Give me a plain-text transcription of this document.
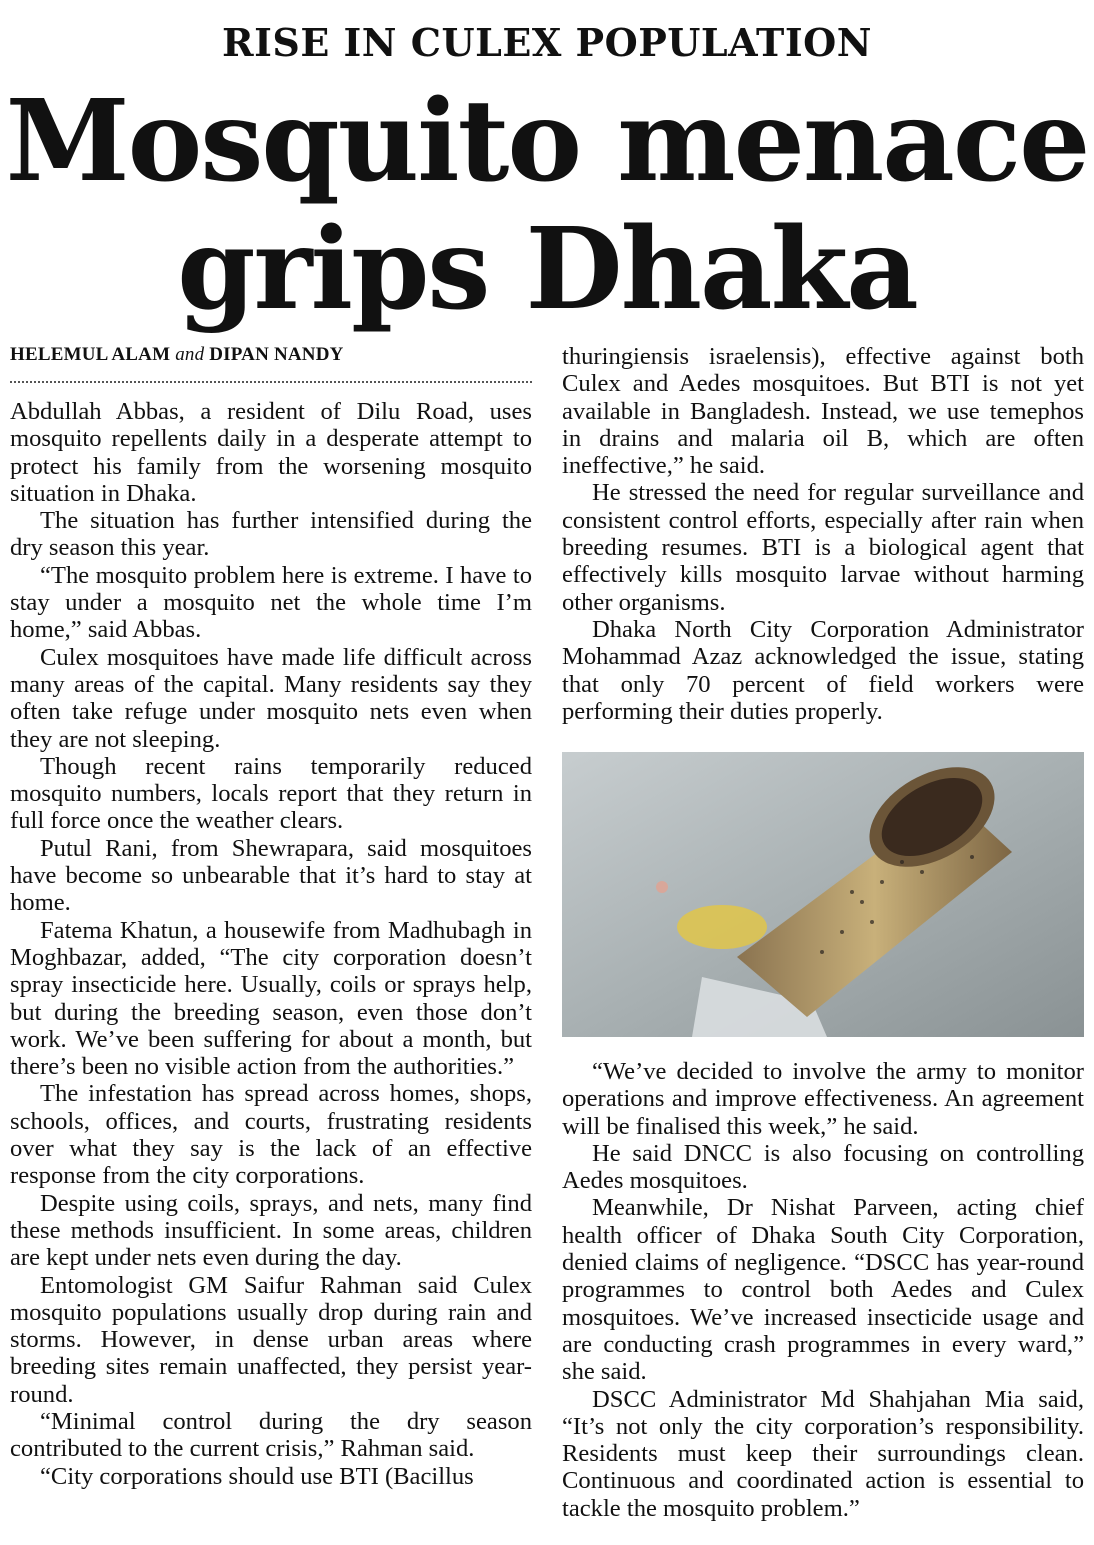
RISE IN CULEX POPULATION
Mosquito menace
grips Dhaka
HELEMUL ALAM and DIPAN NANDY

Abdullah Abbas, a resident of Dilu Road, uses mosquito repellents daily in a desperate attempt to protect his family from the worsening mosquito situation in Dhaka.

The situation has further intensified during the dry season this year.

“The mosquito problem here is extreme. I have to stay under a mosquito net the whole time I’m home,” said Abbas.

Culex mosquitoes have made life difficult across many areas of the capital. Many residents say they often take refuge under mosquito nets even when they are not sleeping.

Though recent rains temporarily reduced mosquito numbers, locals report that they return in full force once the weather clears.

Putul Rani, from Shewrapara, said mosquitoes have become so unbearable that it’s hard to stay at home.

Fatema Khatun, a housewife from Madhubagh in Moghbazar, added, “The city corporation doesn’t spray insecticide here. Usually, coils or sprays help, but during the breeding season, even those don’t work. We’ve been suffering for about a month, but there’s been no visible action from the authorities.”

The infestation has spread across homes, shops, schools, offices, and courts, frustrating residents over what they say is the lack of an effective response from the city corporations.

Despite using coils, sprays, and nets, many find these methods insufficient. In some areas, children are kept under nets even during the day.

Entomologist GM Saifur Rahman said Culex mosquito populations usually drop during rain and storms. However, in dense urban areas where breeding sites remain unaffected, they persist year-round.

“Minimal control during the dry season contributed to the current crisis,” Rahman said.

“City corporations should use BTI (Bacillus

thuringiensis israelensis), effective against both Culex and Aedes mosquitoes. But BTI is not yet available in Bangladesh. Instead, we use temephos in drains and malaria oil B, which are often ineffective,” he said.

He stressed the need for regular surveillance and consistent control efforts, especially after rain when breeding resumes. BTI is a biological agent that effectively kills mosquito larvae without harming other organisms.

Dhaka North City Corporation Administrator Mohammad Azaz acknowledged the issue, stating that only 70 percent of field workers were performing their duties properly.

“We’ve decided to involve the army to monitor operations and improve effectiveness. An agreement will be finalised this week,” he said.

He said DNCC is also focusing on controlling Aedes mosquitoes.

Meanwhile, Dr Nishat Parveen, acting chief health officer of Dhaka South City Corporation, denied claims of negligence. “DSCC has year-round programmes to control both Aedes and Culex mosquitoes. We’ve increased insecticide usage and are conducting crash programmes in every ward,” she said.

DSCC Administrator Md Shahjahan Mia said, “It’s not only the city corporation’s responsibility. Residents must keep their surroundings clean. Continuous and coordinated action is essential to tackle the mosquito problem.”
